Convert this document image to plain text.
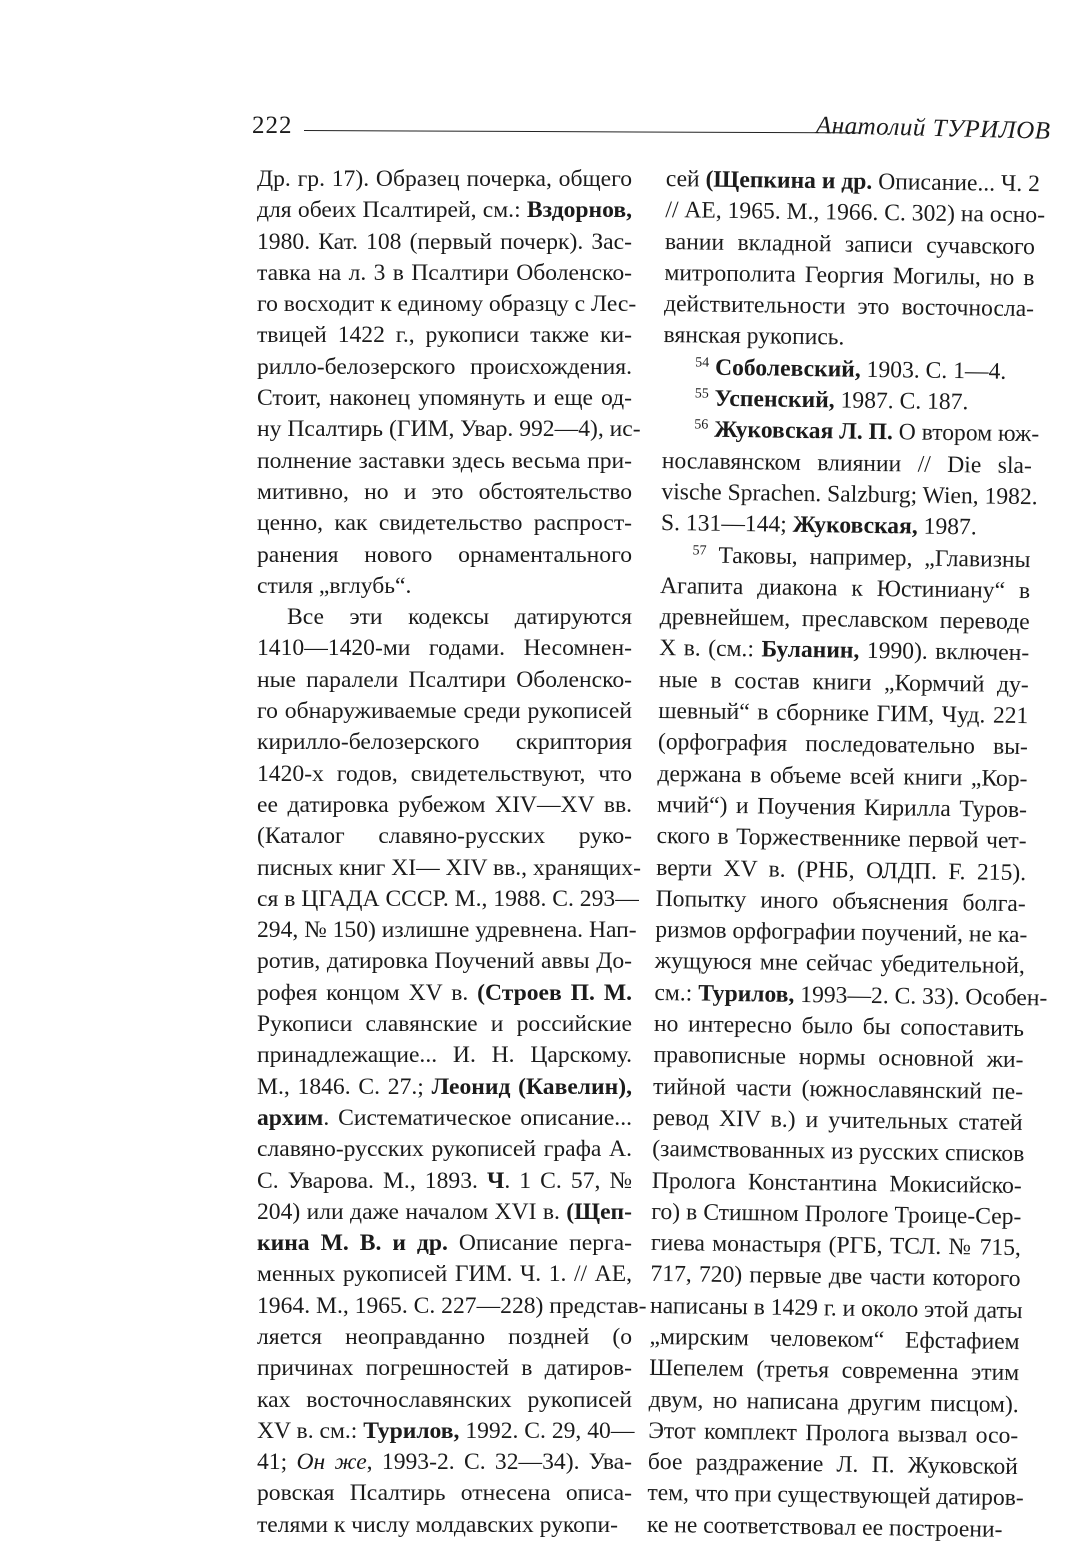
222	Анатолий ТУРИЛОВ
Др. гр. 17). Образец почерка, общего
для обеих Псалтирей, см.: Вздорнов,
1980. Кат. 108 (первый почерк). Зас-
тавка на л. 3 в Псалтири Оболенско-
го восходит к единому образцу с Лес-
твицей 1422 г., рукописи также ки-
рилло-белозерского происхождения.
Стоит, наконец упомянуть и еще од-
ну Псалтирь (ГИМ, Увар. 992—4), ис-
полнение заставки здесь весьма при-
митивно, но и это обстоятельство
ценно, как свидетельство распрост-
ранения нового орнаментального
стиля „вглубь“.
Все эти кодексы датируются
1410—1420-ми годами. Несомнен-
ные паралели Псалтири Оболенско-
го обнаруживаемые среди рукописей
кирилло-белозерского скриптория
1420-х годов, свидетельствуют, что
ее датировка рубежом XIV—XV вв.
(Каталог славяно-русских руко-
писных книг XI— XIV вв., хранящих-
ся в ЦГАДА СССР. М., 1988. С. 293—
294, № 150) излишне удревнена. Нап-
ротив, датировка Поучений аввы До-
рофея концом XV в. (Строев П. М.
Рукописи славянские и российские
принадлежащие... И. Н. Царскому.
М., 1846. С. 27.; Леонид (Кавелин),
архим. Систематическое описание...
славяно-русских рукописей графа А.
С. Уварова. М., 1893. Ч. 1 С. 57, №
204) или даже началом XVI в. (Щеп-
кина М. В. и др. Описание перга-
менных рукописей ГИМ. Ч. 1. // АЕ,
1964. М., 1965. С. 227—228) представ-
ляется неоправданно поздней (о
причинах погрешностей в датиров-
ках восточнославянских рукописей
XV в. см.: Турилов, 1992. С. 29, 40—
41; Он же, 1993-2. С. 32—34). Ува-
ровская Псалтирь отнесена описа-
телями к числу молдавских рукопи-
сей (Щепкина и др. Описание... Ч. 2
// АЕ, 1965. М., 1966. С. 302) на осно-
вании вкладной записи сучавского
митрополита Георгия Могилы, но в
действительности это восточносла-
вянская рукопись.
$^{54}$ Соболевский, 1903. С. 1—4.
$^{55}$ Успенский, 1987. С. 187.
$^{56}$ Жуковская Л. П. О втором юж-
нославянском влиянии // Die sla-
vische Sprachen. Salzburg; Wien, 1982.
S. 131—144; Жуковская, 1987.
$^{57}$ Таковы, например, „Главизны
Агапита диакона к Юстиниану“ в
древнейшем, преславском переводе
X в. (см.: Буланин, 1990). включен-
ные в состав книги „Кормчий ду-
шевный“ в сборнике ГИМ, Чуд. 221
(орфография последовательно вы-
держана в объеме всей книги „Кор-
мчий“) и Поучения Кирилла Туров-
ского в Торжественнике первой чет-
верти XV в. (РНБ, ОЛДП. F. 215).
Попытку иного объяснения болга-
ризмов орфографии поучений, не ка-
жущуюся мне сейчас убедительной,
см.: Турилов, 1993—2. С. 33). Особен-
но интересно было бы сопоставить
правописные нормы основной жи-
тийной части (южнославянский пе-
ревод XIV в.) и учительных статей
(заимствованных из русских списков
Пролога Константина Мокисийско-
го) в Стишном Прологе Троице-Сер-
гиева монастыря (РГБ, ТСЛ. № 715,
717, 720) первые две части которого
написаны в 1429 г. и около этой даты
„мирским человеком“ Ефстафием
Шепелем (третья современна этим
двум, но написана другим писцом).
Этот комплект Пролога вызвал осо-
бое раздражение Л. П. Жуковской
тем, что при существующей датиров-
ке не соответствовал ее построени-
